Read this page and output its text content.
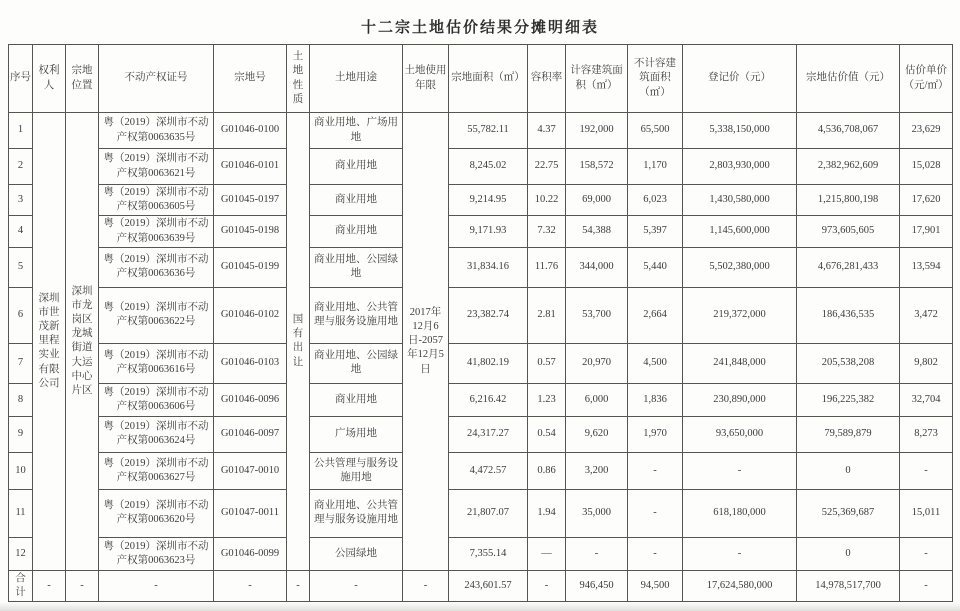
十二宗土地估价结果分摊明细表
序号	权利人	宗地位置	不动产权证号	宗地号	土地性质	土地用途	土地使用年限	宗地面积（㎡）	容积率	计容建筑面积（㎡）	不计容建筑面积（㎡）	登记价（元）	宗地估价值（元）	估价单价（元/㎡）
1	深圳市世茂新里程实业有限公司	深圳市龙岗区龙城街道大运中心片区	粤（2019）深圳市不动产权第0063635号	G01046-0100	国有出让	商业用地、广场用地	2017年12月6日-2057年12月5日	55,782.11	4.37	192,000	65,500	5,338,150,000	4,536,708,067	23,629
2			粤（2019）深圳市不动产权第0063621号	G01046-0101		商业用地		8,245.02	22.75	158,572	1,170	2,803,930,000	2,382,962,609	15,028
3			粤（2019）深圳市不动产权第0063605号	G01045-0197		商业用地		9,214.95	10.22	69,000	6,023	1,430,580,000	1,215,800,198	17,620
4			粤（2019）深圳市不动产权第0063639号	G01045-0198		商业用地		9,171.93	7.32	54,388	5,397	1,145,600,000	973,605,605	17,901
5			粤（2019）深圳市不动产权第0063636号	G01045-0199		商业用地、公园绿地		31,834.16	11.76	344,000	5,440	5,502,380,000	4,676,281,433	13,594
6			粤（2019）深圳市不动产权第0063622号	G01046-0102		商业用地、公共管理与服务设施用地		23,382.74	2.81	53,700	2,664	219,372,000	186,436,535	3,472
7			粤（2019）深圳市不动产权第0063616号	G01046-0103		商业用地、公园绿地		41,802.19	0.57	20,970	4,500	241,848,000	205,538,208	9,802
8			粤（2019）深圳市不动产权第0063606号	G01046-0096		商业用地		6,216.42	1.23	6,000	1,836	230,890,000	196,225,382	32,704
9			粤（2019）深圳市不动产权第0063624号	G01046-0097		广场用地		24,317.27	0.54	9,620	1,970	93,650,000	79,589,879	8,273
10			粤（2019）深圳市不动产权第0063627号	G01047-0010		公共管理与服务设施用地		4,472.57	0.86	3,200	-	-	0	-
11			粤（2019）深圳市不动产权第0063620号	G01047-0011		商业用地、公共管理与服务设施用地		21,807.07	1.94	35,000	-	618,180,000	525,369,687	15,011
12			粤（2019）深圳市不动产权第0063623号	G01046-0099		公园绿地		7,355.14	—	-	-	-	0	-
合计	-	-	-	-	-	-	-	243,601.57	-	946,450	94,500	17,624,580,000	14,978,517,700	-
